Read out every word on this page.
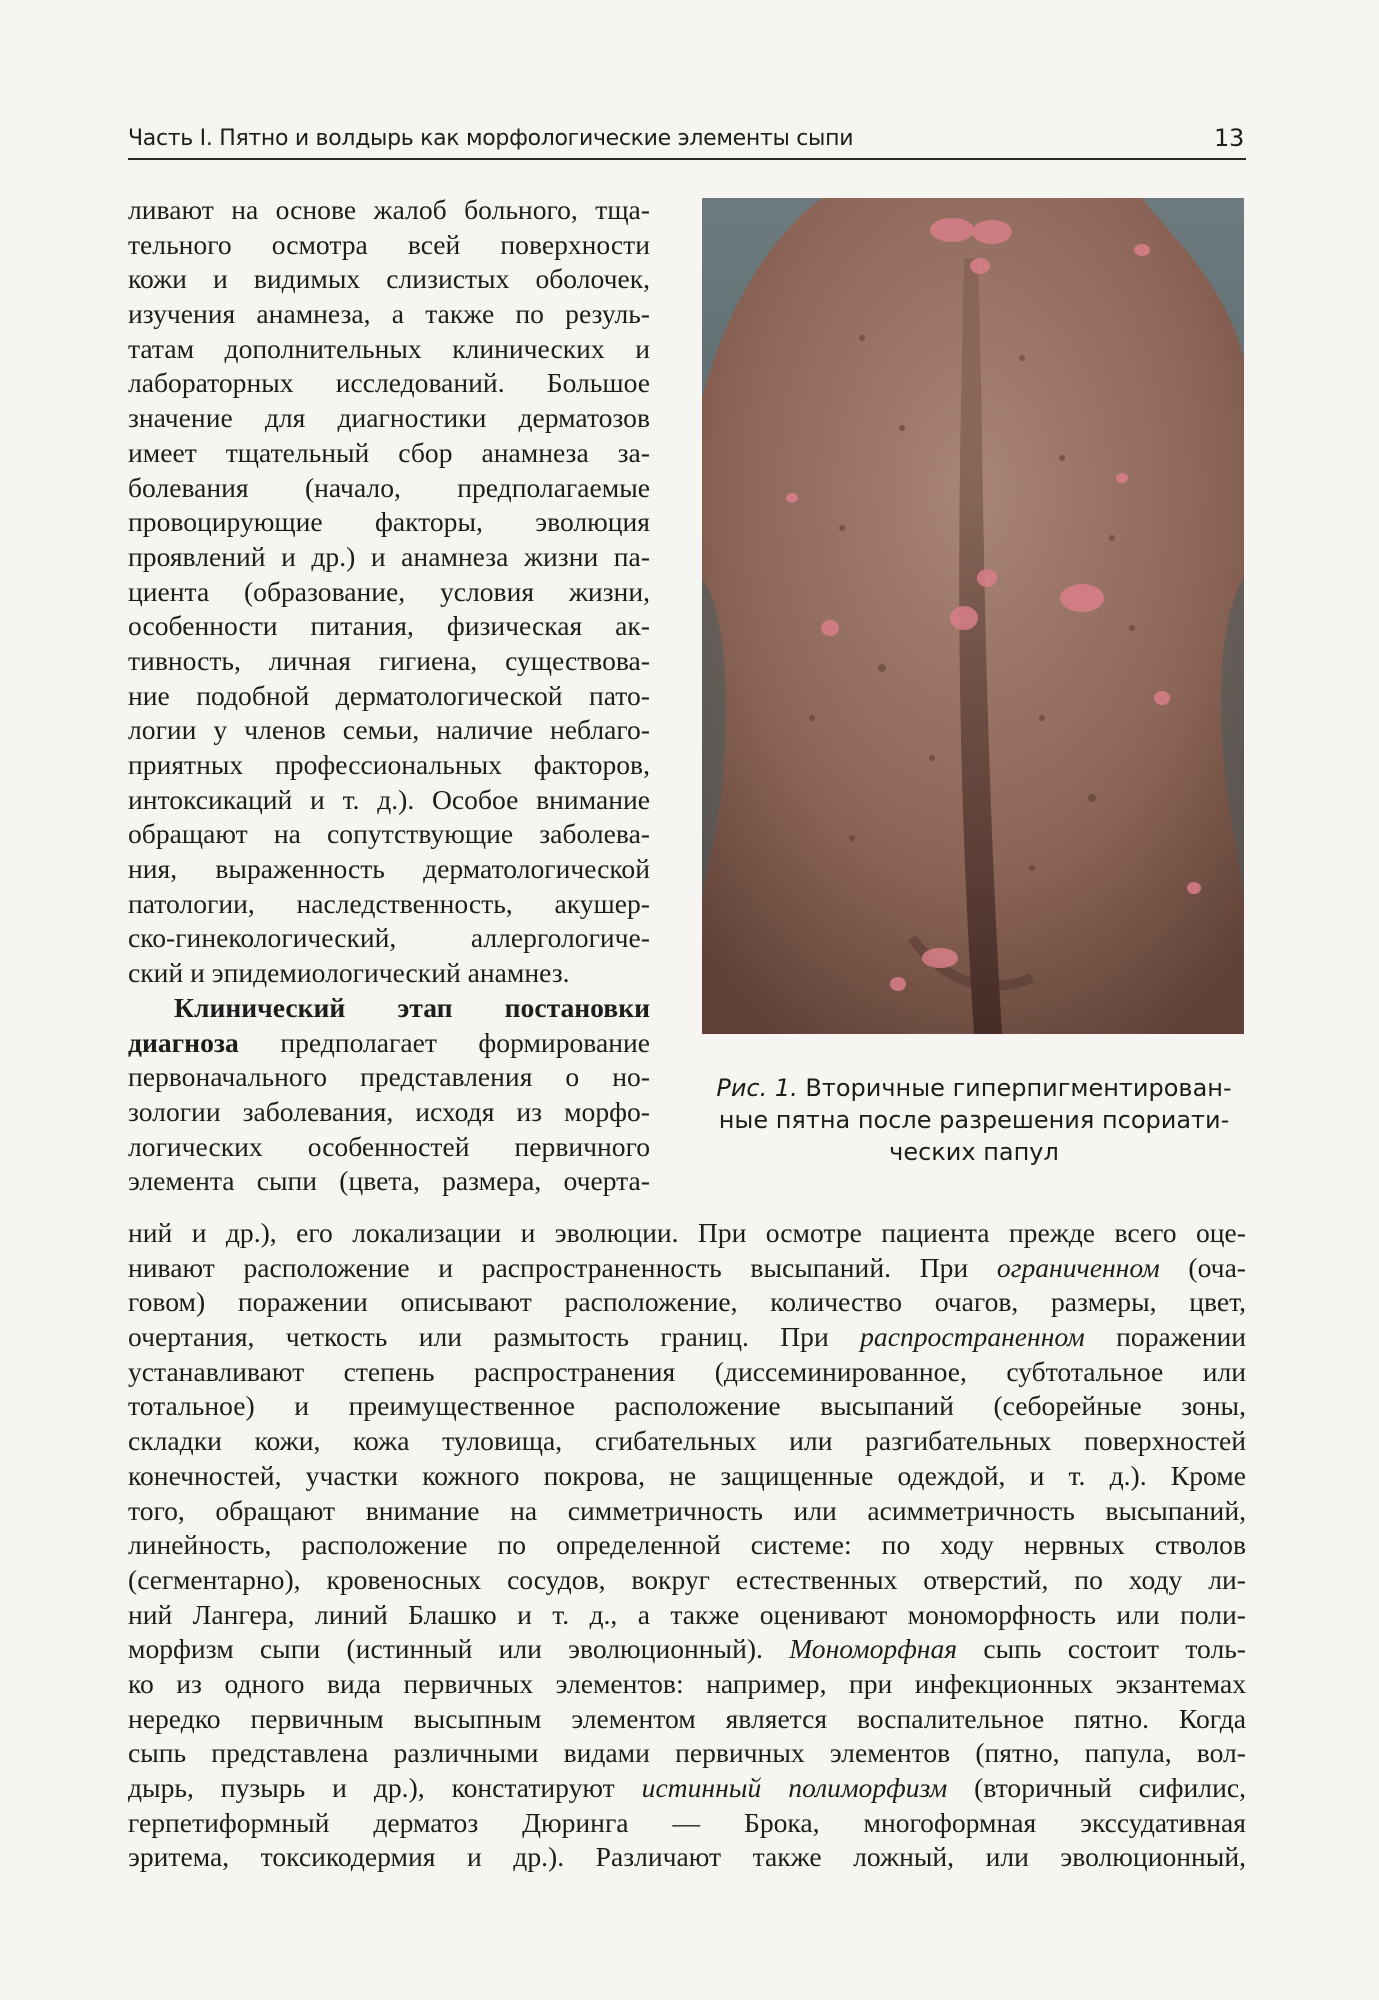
Часть I. Пятно и волдырь как морфологические элементы сыпи	13
ливают на основе жалоб больного, тща-
тельного осмотра всей поверхности
кожи и видимых слизистых оболочек,
изучения анамнеза, а также по резуль-
татам дополнительных клинических и
лабораторных исследований. Большое
значение для диагностики дерматозов
имеет тщательный сбор анамнеза за-
болевания (начало, предполагаемые
провоцирующие факторы, эволюция
проявлений и др.) и анамнеза жизни па-
циента (образование, условия жизни,
особенности питания, физическая ак-
тивность, личная гигиена, существова-
ние подобной дерматологической пато-
логии у членов семьи, наличие неблаго-
приятных профессиональных факторов,
интоксикаций и т. д.). Особое внимание
обращают на сопутствующие заболева-
ния, выраженность дерматологической
патологии, наследственность, акушер-
ско-гинекологический, аллергологиче-
ский и эпидемиологический анамнез.
Клинический этап постановки
диагноза предполагает формирование
первоначального представления о но-
зологии заболевания, исходя из морфо-
логических особенностей первичного
элемента сыпи (цвета, размера, очерта-
Рис. 1. Вторичные гиперпигментирован-
ные пятна после разрешения псориати-
ческих папул
ний и др.), его локализации и эволюции. При осмотре пациента прежде всего оце-
нивают расположение и распространенность высыпаний. При ограниченном (оча-
говом) поражении описывают расположение, количество очагов, размеры, цвет,
очертания, четкость или размытость границ. При распространенном поражении
устанавливают степень распространения (диссеминированное, субтотальное или
тотальное) и преимущественное расположение высыпаний (себорейные зоны,
складки кожи, кожа туловища, сгибательных или разгибательных поверхностей
конечностей, участки кожного покрова, не защищенные одеждой, и т. д.). Кроме
того, обращают внимание на симметричность или асимметричность высыпаний,
линейность, расположение по определенной системе: по ходу нервных стволов
(сегментарно), кровеносных сосудов, вокруг естественных отверстий, по ходу ли-
ний Лангера, линий Блашко и т. д., а также оценивают мономорфность или поли-
морфизм сыпи (истинный или эволюционный). Мономорфная сыпь состоит толь-
ко из одного вида первичных элементов: например, при инфекционных экзантемах
нередко первичным высыпным элементом является воспалительное пятно. Когда
сыпь представлена различными видами первичных элементов (пятно, папула, вол-
дырь, пузырь и др.), констатируют истинный полиморфизм (вторичный сифилис,
герпетиформный дерматоз Дюринга — Брока, многоформная экссудативная
эритема, токсикодермия и др.). Различают также ложный, или эволюционный,
